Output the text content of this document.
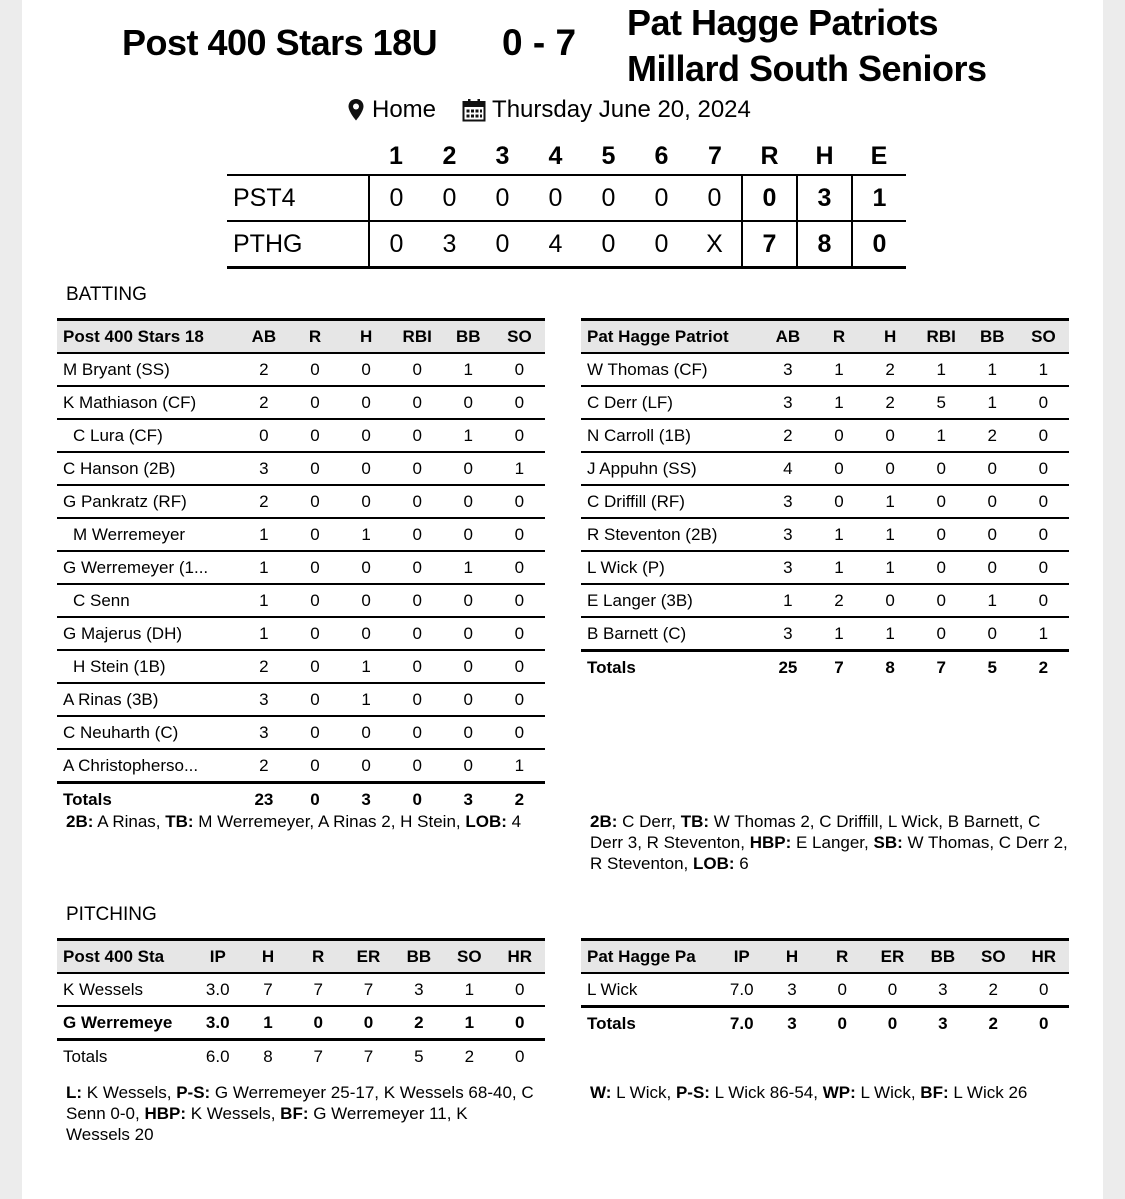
Post 400 Stars 18U 0 - 7 Pat Hagge Patriots
Millard South Seniors
Home Thursday June 20, 2024
	1	2	3	4	5	6	7	R	H	E
PST4	0	0	0	0	0	0	0	0	3	1
PTHG	0	3	0	4	0	0	X	7	8	0
BATTING
Post 400 Stars 18	AB	R	H	RBI	BB	SO
M Bryant (SS)	2	0	0	0	1	0
K Mathiason (CF)	2	0	0	0	0	0
C Lura (CF)	0	0	0	0	1	0
C Hanson (2B)	3	0	0	0	0	1
G Pankratz (RF)	2	0	0	0	0	0
M Werremeyer	1	0	1	0	0	0
G Werremeyer (1...	1	0	0	0	1	0
C Senn	1	0	0	0	0	0
G Majerus (DH)	1	0	0	0	0	0
H Stein (1B)	2	0	1	0	0	0
A Rinas (3B)	3	0	1	0	0	0
C Neuharth (C)	3	0	0	0	0	0
A Christopherso...	2	0	0	0	0	1
Totals	23	0	3	0	3	2
Pat Hagge Patriot	AB	R	H	RBI	BB	SO
W Thomas (CF)	3	1	2	1	1	1
C Derr (LF)	3	1	2	5	1	0
N Carroll (1B)	2	0	0	1	2	0
J Appuhn (SS)	4	0	0	0	0	0
C Driffill (RF)	3	0	1	0	0	0
R Steventon (2B)	3	1	1	0	0	0
L Wick (P)	3	1	1	0	0	0
E Langer (3B)	1	2	0	0	1	0
B Barnett (C)	3	1	1	0	0	1
Totals	25	7	8	7	5	2
2B: A Rinas, TB: M Werremeyer, A Rinas 2, H Stein, LOB: 4	2B: C Derr, TB: W Thomas 2, C Driffill, L Wick, B Barnett, C Derr 3, R Steventon, HBP: E Langer, SB: W Thomas, C Derr 2, R Steventon, LOB: 6
PITCHING
Post 400 Sta	IP	H	R	ER	BB	SO	HR
K Wessels	3.0	7	7	7	3	1	0
G Werremeye	3.0	1	0	0	2	1	0
Totals	6.0	8	7	7	5	2	0
Pat Hagge Pa	IP	H	R	ER	BB	SO	HR
L Wick	7.0	3	0	0	3	2	0
Totals	7.0	3	0	0	3	2	0
L: K Wessels, P-S: G Werremeyer 25-17, K Wessels 68-40, C Senn 0-0, HBP: K Wessels, BF: G Werremeyer 11, K Wessels 20
W: L Wick, P-S: L Wick 86-54, WP: L Wick, BF: L Wick 26
